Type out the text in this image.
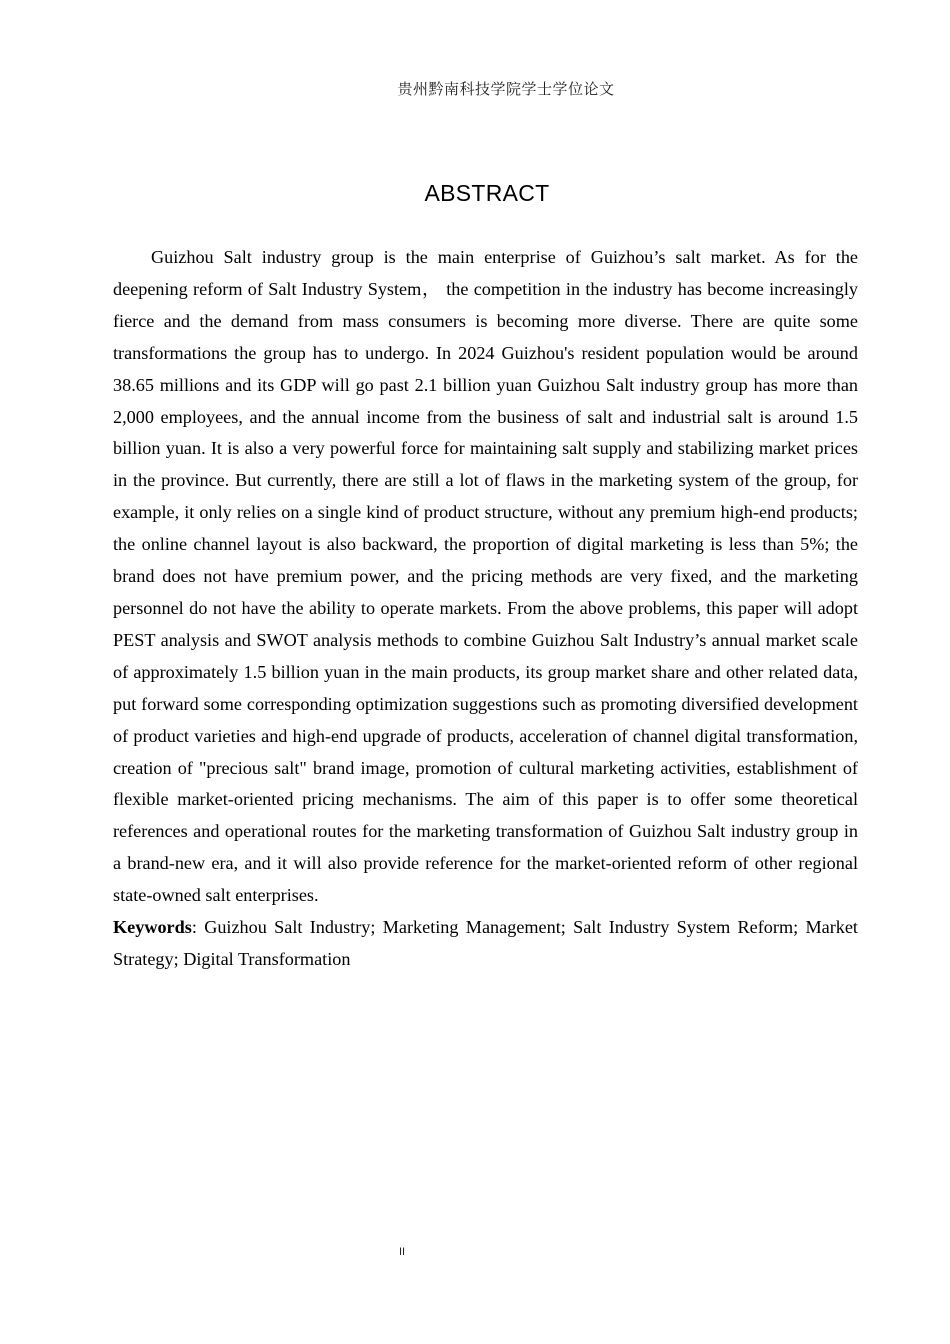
贵州黔南科技学院学士学位论文
ABSTRACT

Guizhou Salt industry group is the main enterprise of Guizhou’s salt market. As for the deepening reform of Salt Industry System， the competition in the industry has become increasingly fierce and the demand from mass consumers is becoming more diverse. There are quite some transformations the group has to undergo. In 2024 Guizhou's resident population would be around 38.65 millions and its GDP will go past 2.1 billion yuan Guizhou Salt industry group has more than 2,000 employees, and the annual income from the business of salt and industrial salt is around 1.5 billion yuan. It is also a very powerful force for maintaining salt supply and stabilizing market prices in the province. But currently, there are still a lot of flaws in the marketing system of the group, for example, it only relies on a single kind of product structure, without any premium high-end products; the online channel layout is also backward, the proportion of digital marketing is less than 5%; the brand does not have premium power, and the pricing methods are very fixed, and the marketing personnel do not have the ability to operate markets. From the above problems, this paper will adopt PEST analysis and SWOT analysis methods to combine Guizhou Salt Industry’s annual market scale of approximately 1.5 billion yuan in the main products, its group market share and other related data, put forward some corresponding optimization suggestions such as promoting diversified development of product varieties and high-end upgrade of products, acceleration of channel digital transformation, creation of "precious salt" brand image, promotion of cultural marketing activities, establishment of flexible market-oriented pricing mechanisms. The aim of this paper is to offer some theoretical references and operational routes for the marketing transformation of Guizhou Salt industry group in a brand-new era, and it will also provide reference for the market-oriented reform of other regional state-owned salt enterprises.

Keywords: Guizhou Salt Industry; Marketing Management; Salt Industry System Reform; Market Strategy; Digital Transformation

II
